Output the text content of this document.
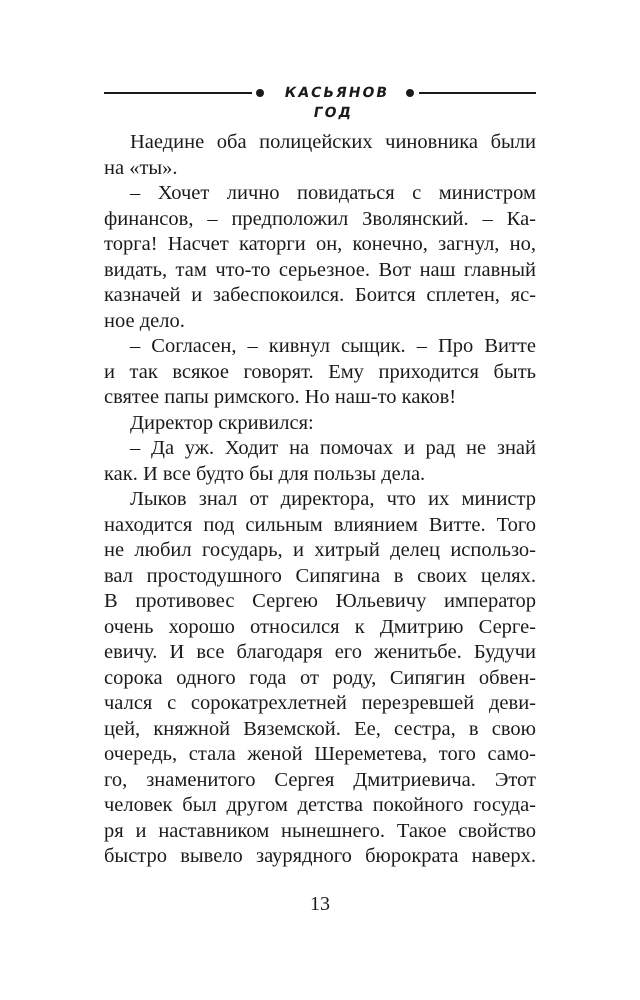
КАСЬЯНОВ ГОД
Наедине оба полицейских чиновника были
на «ты».
– Хочет лично повидаться с министром
финансов, – предположил Зволянский. – Ка-
торга! Насчет каторги он, конечно, загнул, но,
видать, там что-то серьезное. Вот наш главный
казначей и забеспокоился. Боится сплетен, яс-
ное дело.
– Согласен, – кивнул сыщик. – Про Витте
и так всякое говорят. Ему приходится быть
святее папы римского. Но наш-то каков!
Директор скривился:
– Да уж. Ходит на помочах и рад не знай
как. И все будто бы для пользы дела.
Лыков знал от директора, что их министр
находится под сильным влиянием Витте. Того
не любил государь, и хитрый делец использо-
вал простодушного Сипягина в своих целях.
В противовес Сергею Юльевичу император
очень хорошо относился к Дмитрию Серге-
евичу. И все благодаря его женитьбе. Будучи
сорока одного года от роду, Сипягин обвен-
чался с сорокатрехлетней перезревшей деви-
цей, княжной Вяземской. Ее, сестра, в свою
очередь, стала женой Шереметева, того само-
го, знаменитого Сергея Дмитриевича. Этот
человек был другом детства покойного госуда-
ря и наставником нынешнего. Такое свойство
быстро вывело заурядного бюрократа наверх.
13
